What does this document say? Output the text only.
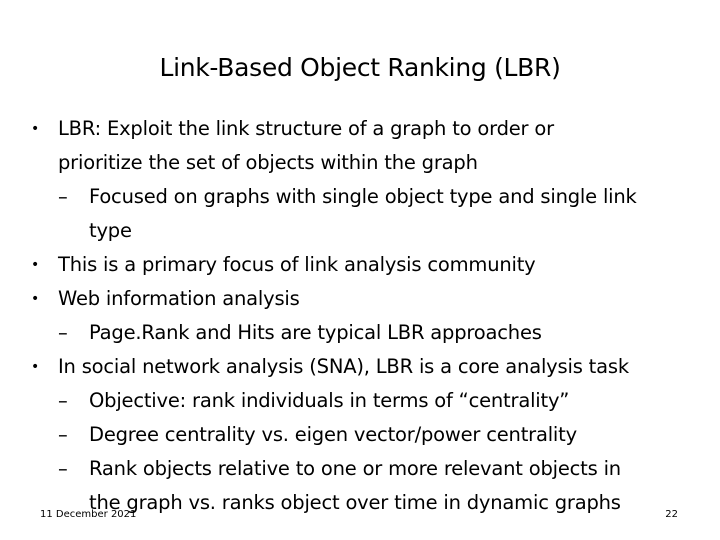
Link-Based Object Ranking (LBR)
• LBR: Exploit the link structure of a graph to order or
prioritize the set of objects within the graph
– Focused on graphs with single object type and single link
type
• This is a primary focus of link analysis community
• Web information analysis
– Page.Rank and Hits are typical LBR approaches
• In social network analysis (SNA), LBR is a core analysis task
– Objective: rank individuals in terms of “centrality”
– Degree centrality vs. eigen vector/power centrality
– Rank objects relative to one or more relevant objects in
the graph vs. ranks object over time in dynamic graphs
11 December 2021	22
